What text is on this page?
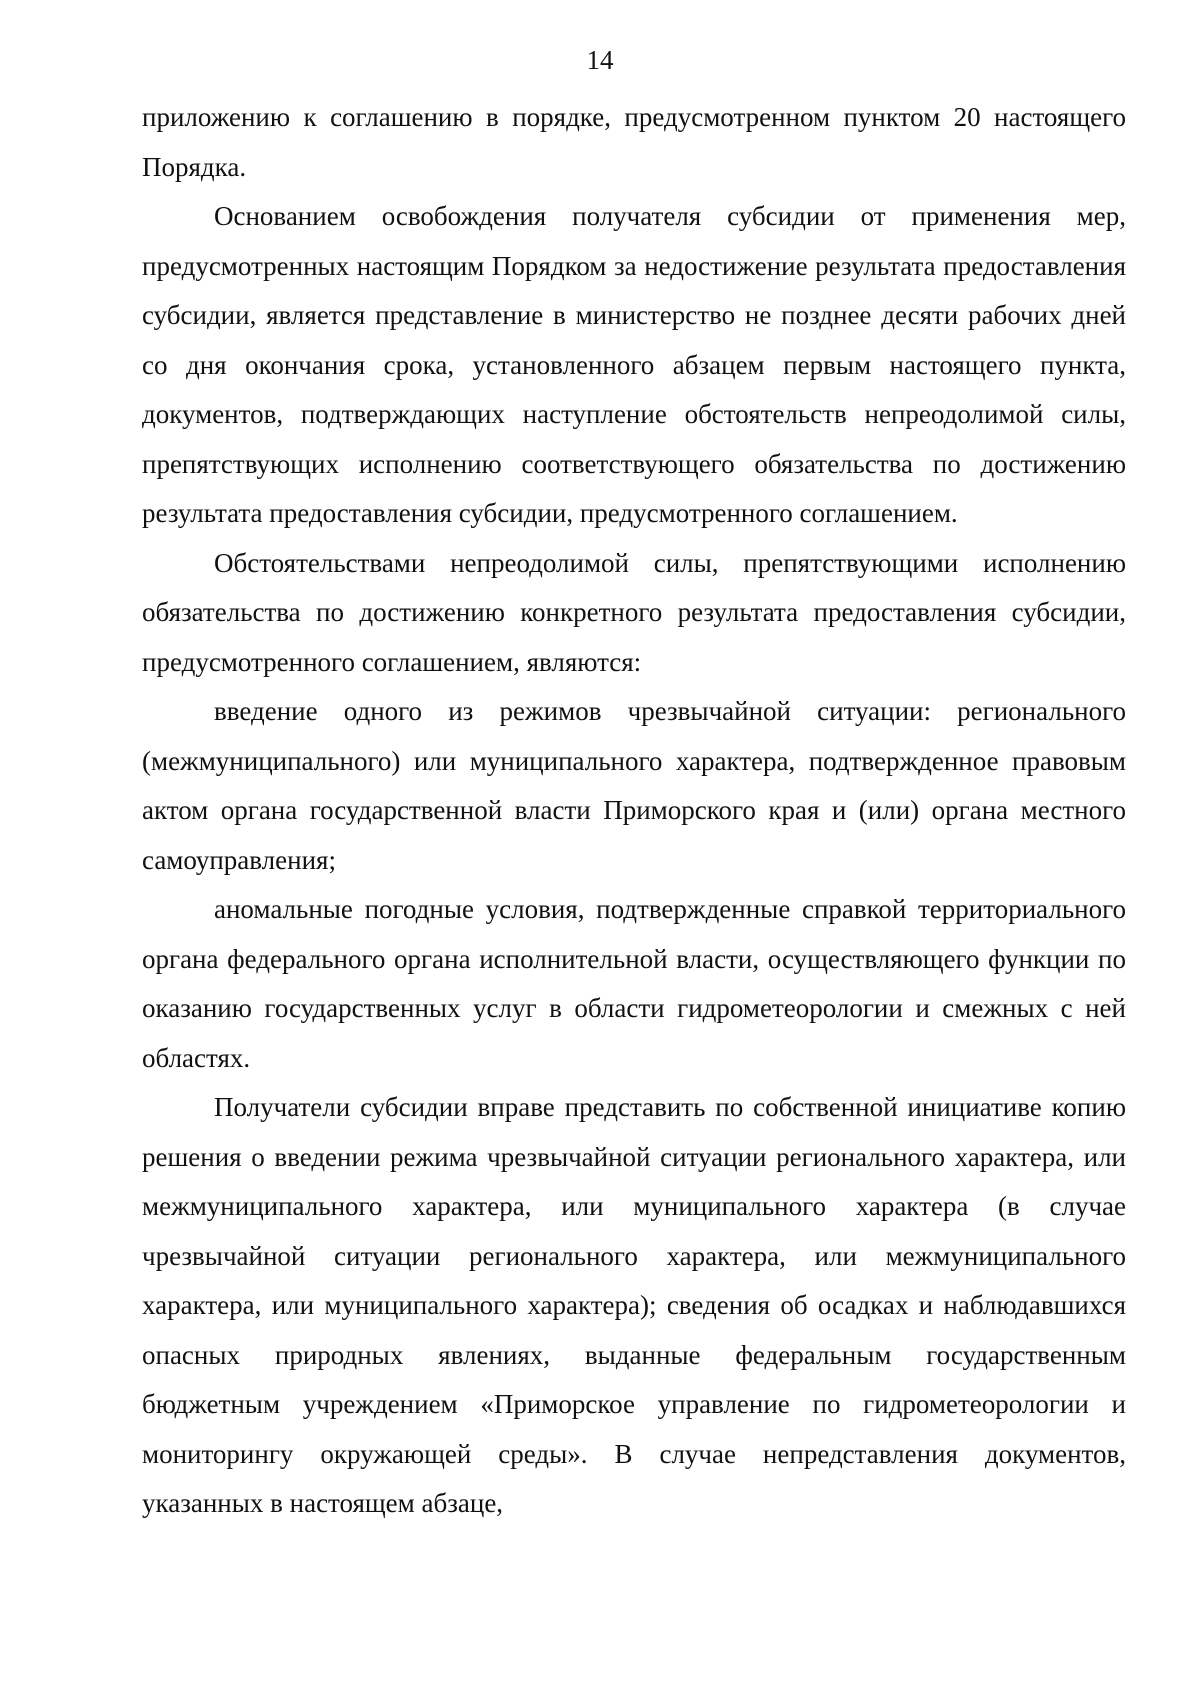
14

приложению к соглашению в порядке, предусмотренном пунктом 20 настоящего Порядка.

Основанием освобождения получателя субсидии от применения мер, предусмотренных настоящим Порядком за недостижение результата предоставления субсидии, является представление в министерство не позднее десяти рабочих дней со дня окончания срока, установленного абзацем первым настоящего пункта, документов, подтверждающих наступление обстоятельств непреодолимой силы, препятствующих исполнению соответствующего обязательства по достижению результата предоставления субсидии, предусмотренного соглашением.

Обстоятельствами непреодолимой силы, препятствующими исполнению обязательства по достижению конкретного результата предоставления субсидии, предусмотренного соглашением, являются:

введение одного из режимов чрезвычайной ситуации: регионального (межмуниципального) или муниципального характера, подтвержденное правовым актом органа государственной власти Приморского края и (или) органа местного самоуправления;

аномальные погодные условия, подтвержденные справкой территориального органа федерального органа исполнительной власти, осуществляющего функции по оказанию государственных услуг в области гидрометеорологии и смежных с ней областях.

Получатели субсидии вправе представить по собственной инициативе копию решения о введении режима чрезвычайной ситуации регионального характера, или межмуниципального характера, или муниципального характера (в случае чрезвычайной ситуации регионального характера, или межмуниципального характера, или муниципального характера); сведения об осадках и наблюдавшихся опасных природных явлениях, выданные федеральным государственным бюджетным учреждением «Приморское управление по гидрометеорологии и мониторингу окружающей среды». В случае непредставления документов, указанных в настоящем абзаце,
